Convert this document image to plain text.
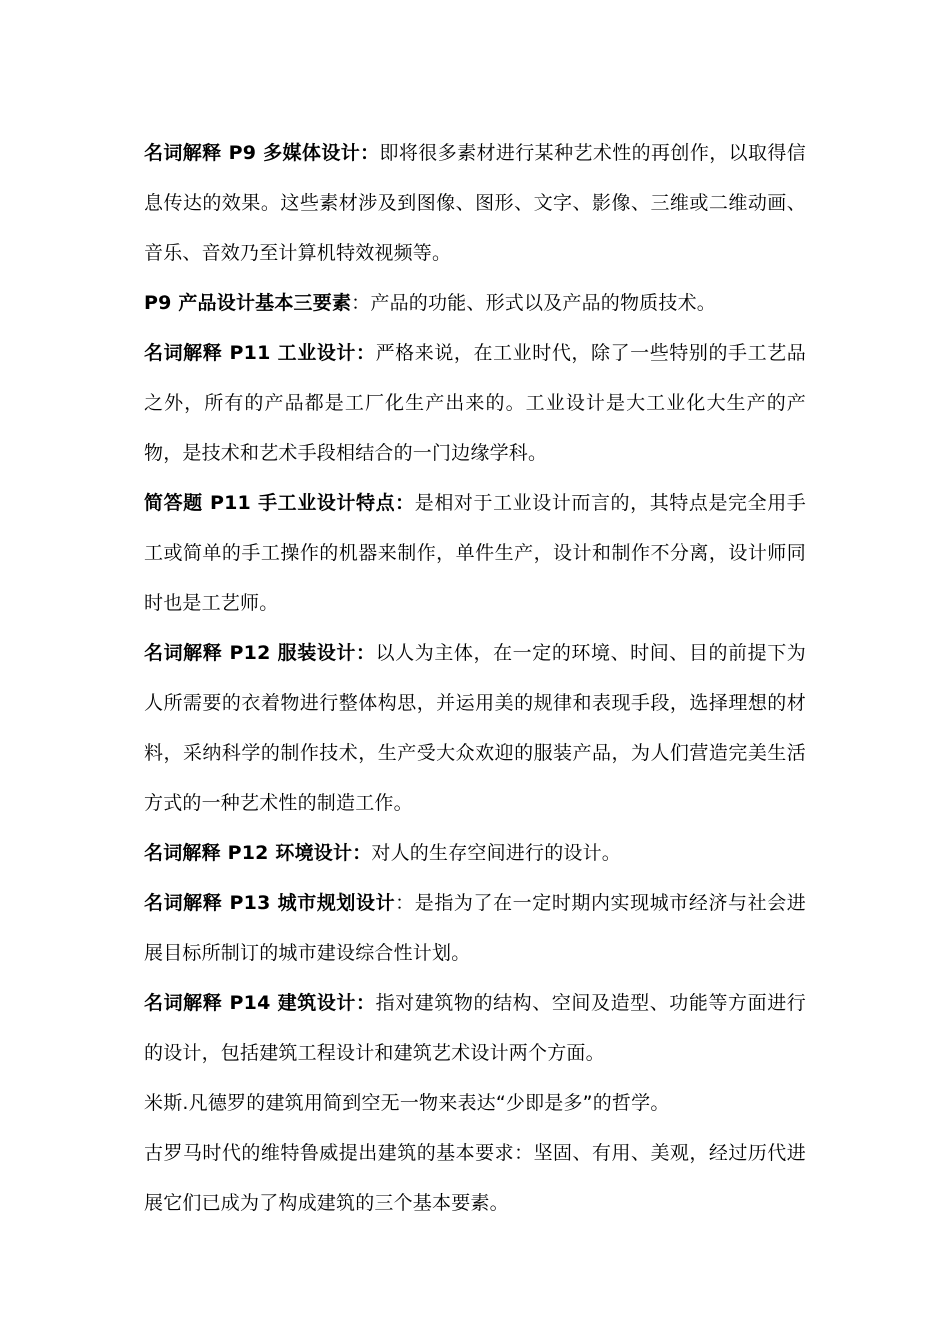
名词解释 P9 多媒体设计：即将很多素材进行某种艺术性的再创作，以取得信息传达的效果。这些素材涉及到图像、图形、文字、影像、三维或二维动画、音乐、音效乃至计算机特效视频等。

P9 产品设计基本三要素：产品的功能、形式以及产品的物质技术。

名词解释 P11 工业设计：严格来说，在工业时代，除了一些特别的手工艺品之外，所有的产品都是工厂化生产出来的。工业设计是大工业化大生产的产物，是技术和艺术手段相结合的一门边缘学科。

简答题 P11 手工业设计特点：是相对于工业设计而言的，其特点是完全用手工或简单的手工操作的机器来制作，单件生产，设计和制作不分离，设计师同时也是工艺师。

名词解释 P12 服装设计：以人为主体，在一定的环境、时间、目的前提下为人所需要的衣着物进行整体构思，并运用美的规律和表现手段，选择理想的材料，采纳科学的制作技术，生产受大众欢迎的服装产品，为人们营造完美生活方式的一种艺术性的制造工作。

名词解释 P12 环境设计：对人的生存空间进行的设计。

名词解释 P13 城市规划设计：是指为了在一定时期内实现城市经济与社会进展目标所制订的城市建设综合性计划。

名词解释 P14 建筑设计：指对建筑物的结构、空间及造型、功能等方面进行的设计，包括建筑工程设计和建筑艺术设计两个方面。

米斯.凡德罗的建筑用简到空无一物来表达“少即是多”的哲学。

古罗马时代的维特鲁威提出建筑的基本要求：坚固、有用、美观，经过历代进展它们已成为了构成建筑的三个基本要素。
